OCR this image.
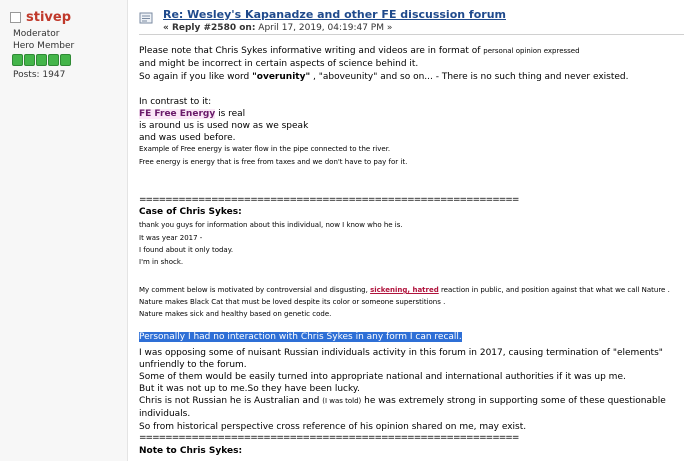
stivep
Moderator
Hero Member
Posts: 1947
Re: Wesley's Kapanadze and other FE discussion forum
« Reply #2580 on: April 17, 2019, 04:19:47 PM »
Please note that Chris Sykes informative writing and videos are in format of personal opinion expressed
and might be incorrect in certain aspects of science behind it.
So again if you like word "overunity" , "aboveunity" and so on... - There is no such thing and never existed.
In contrast to it:
FE Free Energy is real
is around us is used now as we speak
and was used before.
Example of Free energy is water flow in the pipe connected to the river.
Free energy is energy that is free from taxes and we don't have to pay for it.
==========================================================
Case of Chris Sykes:
thank you guys for information about this individual, now I know who he is.
It was year 2017 -
I found about it only today.
I'm in shock.
My comment below is motivated by controversial and disgusting, sickening, hatred reaction in public, and position against that what we call Nature .
Nature makes Black Cat that must be loved despite its color or someone superstitions .
Nature makes sick and healthy based on genetic code.
Personally I had no interaction with Chris Sykes in any form I can recall.
I was opposing some of nuisant Russian individuals activity in this forum in 2017, causing termination of "elements"
unfriendly to the forum.
Some of them would be easily turned into appropriate national and international authorities if it was up me.
But it was not up to me.So they have been lucky.
Chris is not Russian he is Australian and (I was told) he was extremely strong in supporting some of these questionable
individuals.
So from historical perspective cross reference of his opinion shared on me, may exist.
==========================================================
Note to Chris Sykes:
